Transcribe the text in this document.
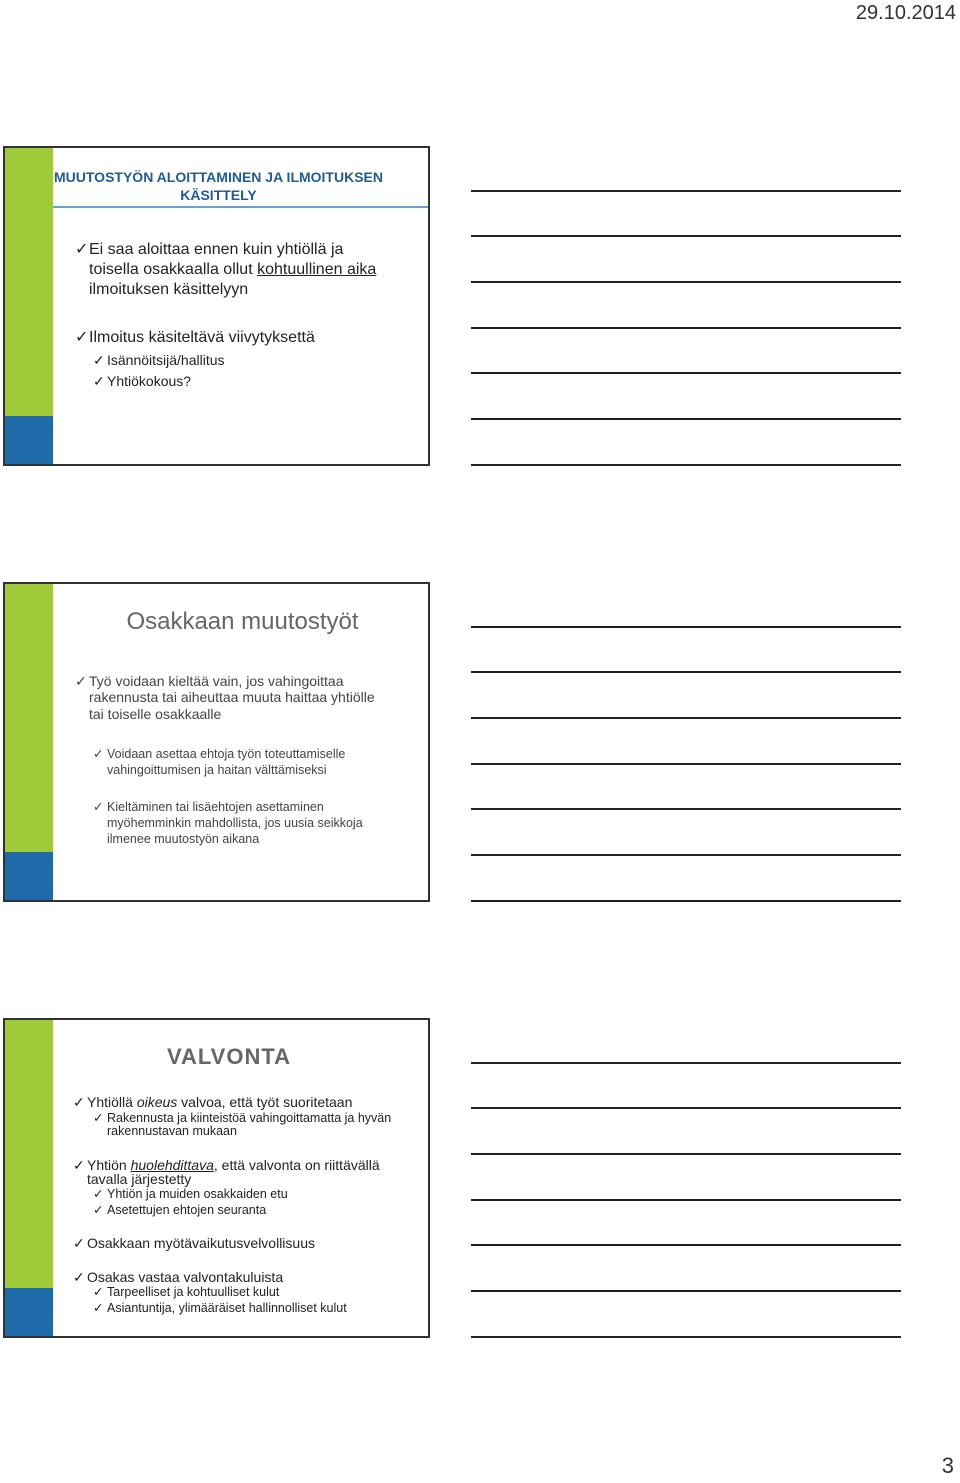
29.10.2014
MUUTOSTYÖN ALOITTAMINEN JA ILMOITUKSEN
KÄSITTELY
✓Ei saa aloittaa ennen kuin yhtiöllä ja
toisella osakkaalla ollut kohtuullinen aika
ilmoituksen käsittelyyn
✓Ilmoitus käsiteltävä viivytyksettä
✓ Isännöitsijä/hallitus
✓ Yhtiökokous?
Osakkaan muutostyöt
✓ Työ voidaan kieltää vain, jos vahingoittaa
rakennusta tai aiheuttaa muuta haittaa yhtiölle
tai toiselle osakkaalle
✓ Voidaan asettaa ehtoja työn toteuttamiselle
vahingoittumisen ja haitan välttämiseksi
✓ Kieltäminen tai lisäehtojen asettaminen
myöhemminkin mahdollista, jos uusia seikkoja
ilmenee muutostyön aikana
VALVONTA
✓ Yhtiöllä oikeus valvoa, että työt suoritetaan
✓ Rakennusta ja kiinteistöä vahingoittamatta ja hyvän
rakennustavan mukaan
✓ Yhtiön huolehdittava, että valvonta on riittävällä
tavalla järjestetty
✓ Yhtiön ja muiden osakkaiden etu
✓ Asetettujen ehtojen seuranta
✓ Osakkaan myötävaikutusvelvollisuus
✓ Osakas vastaa valvontakuluista
✓ Tarpeelliset ja kohtuulliset kulut
✓ Asiantuntija, ylimääräiset hallinnolliset kulut
3
